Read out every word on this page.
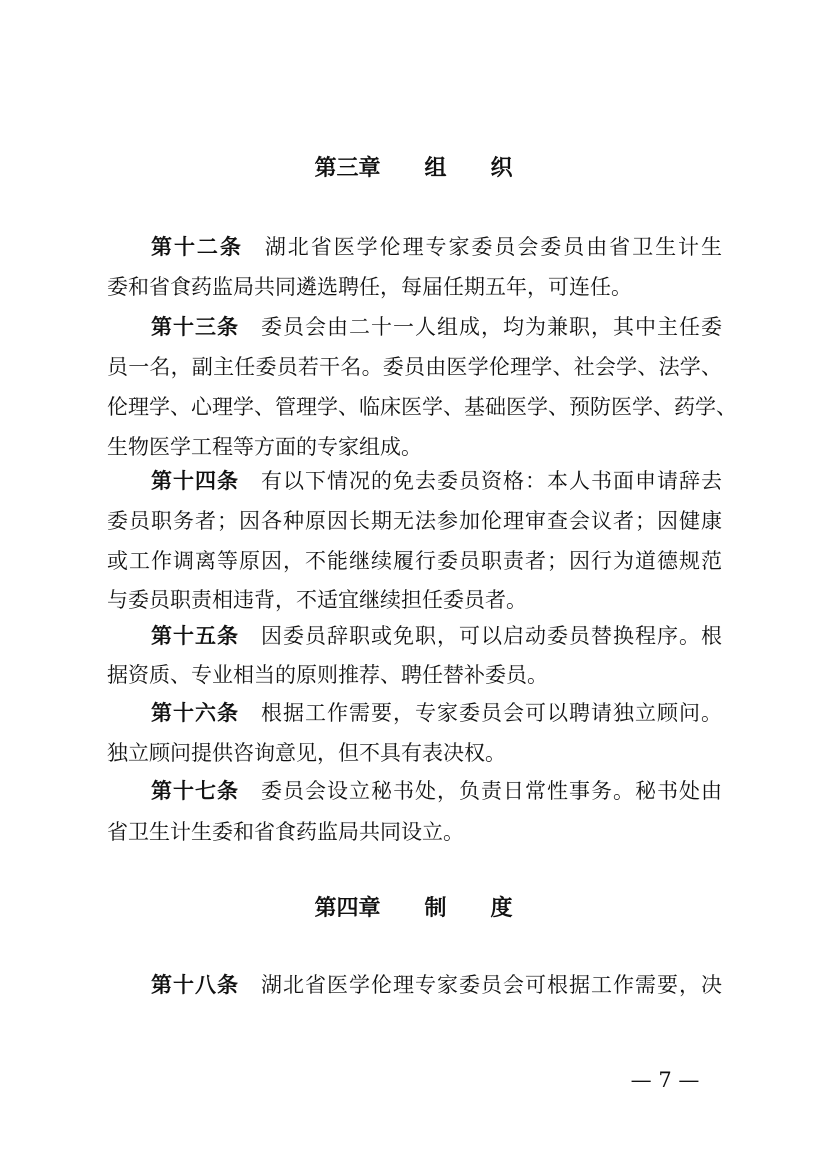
第三章　　组　　织
第十二条 湖北省医学伦理专家委员会委员由省卫生计生
委和省食药监局共同遴选聘任，每届任期五年，可连任。
第十三条 委员会由二十一人组成，均为兼职，其中主任委
员一名，副主任委员若干名。委员由医学伦理学、社会学、法学、
伦理学、心理学、管理学、临床医学、基础医学、预防医学、药学、
生物医学工程等方面的专家组成。
第十四条 有以下情况的免去委员资格：本人书面申请辞去
委员职务者；因各种原因长期无法参加伦理审查会议者；因健康
或工作调离等原因，不能继续履行委员职责者；因行为道德规范
与委员职责相违背，不适宜继续担任委员者。
第十五条 因委员辞职或免职，可以启动委员替换程序。根
据资质、专业相当的原则推荐、聘任替补委员。
第十六条 根据工作需要，专家委员会可以聘请独立顾问。
独立顾问提供咨询意见，但不具有表决权。
第十七条 委员会设立秘书处，负责日常性事务。秘书处由
省卫生计生委和省食药监局共同设立。
第四章　　制　　度
第十八条 湖北省医学伦理专家委员会可根据工作需要，决
— 7 —
